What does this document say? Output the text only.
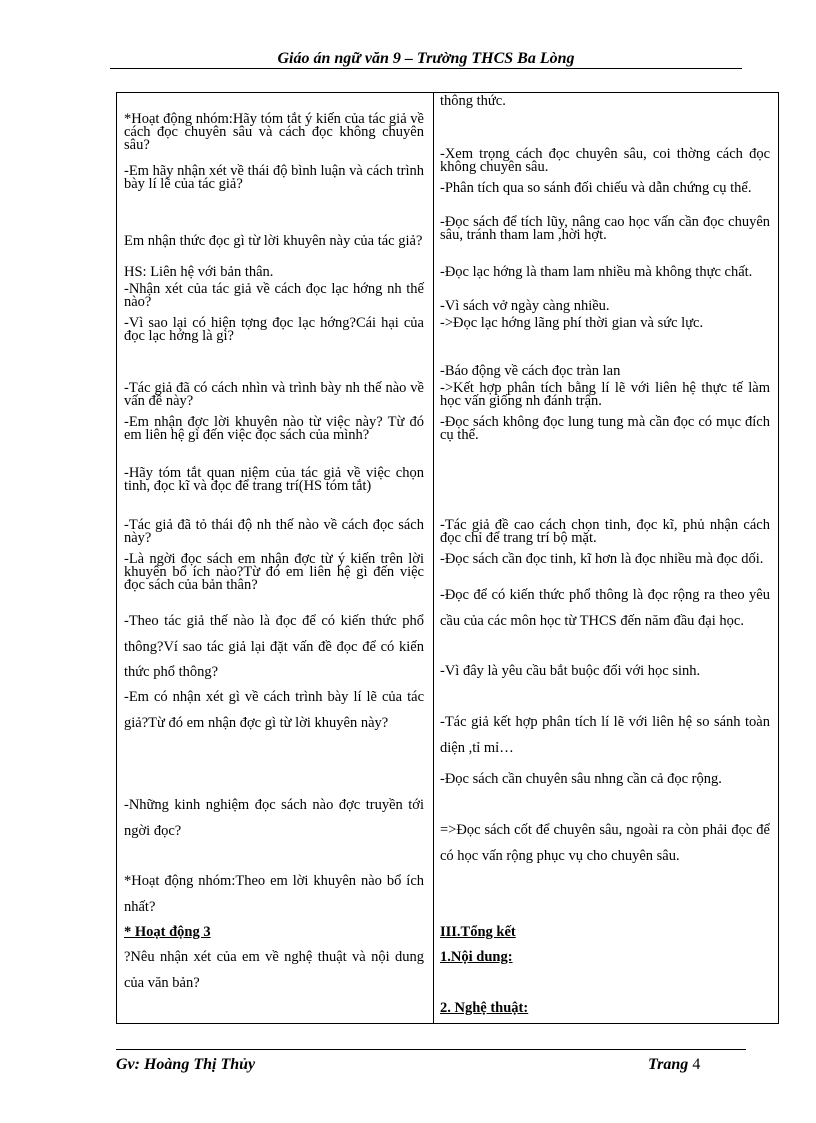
Giáo án ngữ văn 9 – Trường THCS Ba Lòng

*Hoạt động nhóm:Hãy tóm tắt ý kiến của tác giả về cách đọc chuyên sâu và cách đọc không chuyên sâu?

-Em hãy nhận xét về thái độ bình luận và cách trình bày lí lẽ của tác giả?

Em nhận thức đọc gì từ lời khuyên này của tác giả?

HS: Liên hệ với bản thân.

-Nhận xét của tác giả về cách đọc lạc hớng nh thế nào?

-Vì sao lại có hiện tợng đọc lạc hớng?Cái hại của đọc lạc hớng là gì?

-Tác giả đã có cách nhìn và trình bày nh thế nào về vấn đề này?

-Em nhận đợc lời khuyên nào từ việc này? Từ đó em liên hệ gì đến việc đọc sách của mình?

-Hãy tóm tắt quan niệm của tác giả về việc chọn tinh, đọc kĩ và đọc để trang trí(HS tóm tắt)

-Tác giả đã tỏ thái độ nh thế nào về cách đọc sách này?

-Là ngời đọc sách em nhận đợc từ ý kiến trên lời khuyên bổ ích nào?Từ đó em liên hệ gì đến việc đọc sách của bản thân?

-Theo tác giả thế nào là đọc để có kiến thức phổ thông?Ví sao tác giả lại đặt vấn đề đọc để có kiến thức phổ thông?

-Em có nhận xét gì về cách trình bày lí lẽ của tác giả?Từ đó em nhận đợc gì từ lời khuyên này?

-Những kinh nghiệm đọc sách nào đợc truyền tới ngời đọc?

*Hoạt động nhóm:Theo em lời khuyên nào bổ ích nhất?

* Hoạt động 3

?Nêu nhận xét của em về nghệ thuật và nội dung của văn bản?

thông thức.

-Xem trọng cách đọc chuyên sâu, coi thờng cách đọc không chuyên sâu.

-Phân tích qua so sánh đối chiếu và dẫn chứng cụ thể.

-Đọc sách để tích lũy, nâng cao học vấn cần đọc chuyên sâu, tránh tham lam ,hời hợt.

-Đọc lạc hớng là tham lam nhiều mà không thực chất.

-Vì sách vở ngày càng nhiều.

->Đọc lạc hớng lãng phí thời gian và sức lực.

-Báo động về cách đọc tràn lan

->Kết hợp phân tích bằng lí lẽ với liên hệ thực tế làm học vấn giống nh đánh trận.

-Đọc sách không đọc lung tung mà cần đọc có mục đích cụ thể.

-Tác giả đề cao cách chọn tinh, đọc kĩ, phủ nhận cách đọc chỉ để trang trí bộ mặt.

-Đọc sách cần đọc tinh, kĩ hơn là đọc nhiều mà đọc dối.

-Đọc để có kiến thức phổ thông là đọc rộng ra theo yêu cầu của các môn học từ THCS đến năm đầu đại học.

-Vì đây là yêu cầu bắt buộc đối với học sinh.

-Tác giả kết hợp phân tích lí lẽ với liên hệ so sánh toàn diện ,tỉ mỉ…

-Đọc sách cần chuyên sâu nhng cần cả đọc rộng.

=>Đọc sách cốt để chuyên sâu, ngoài ra còn phải đọc để có học vấn rộng phục vụ cho chuyên sâu.

III.Tổng kết

1.Nội dung:

2. Nghệ thuật:

Gv: Hoàng Thị Thủy	Trang 4
